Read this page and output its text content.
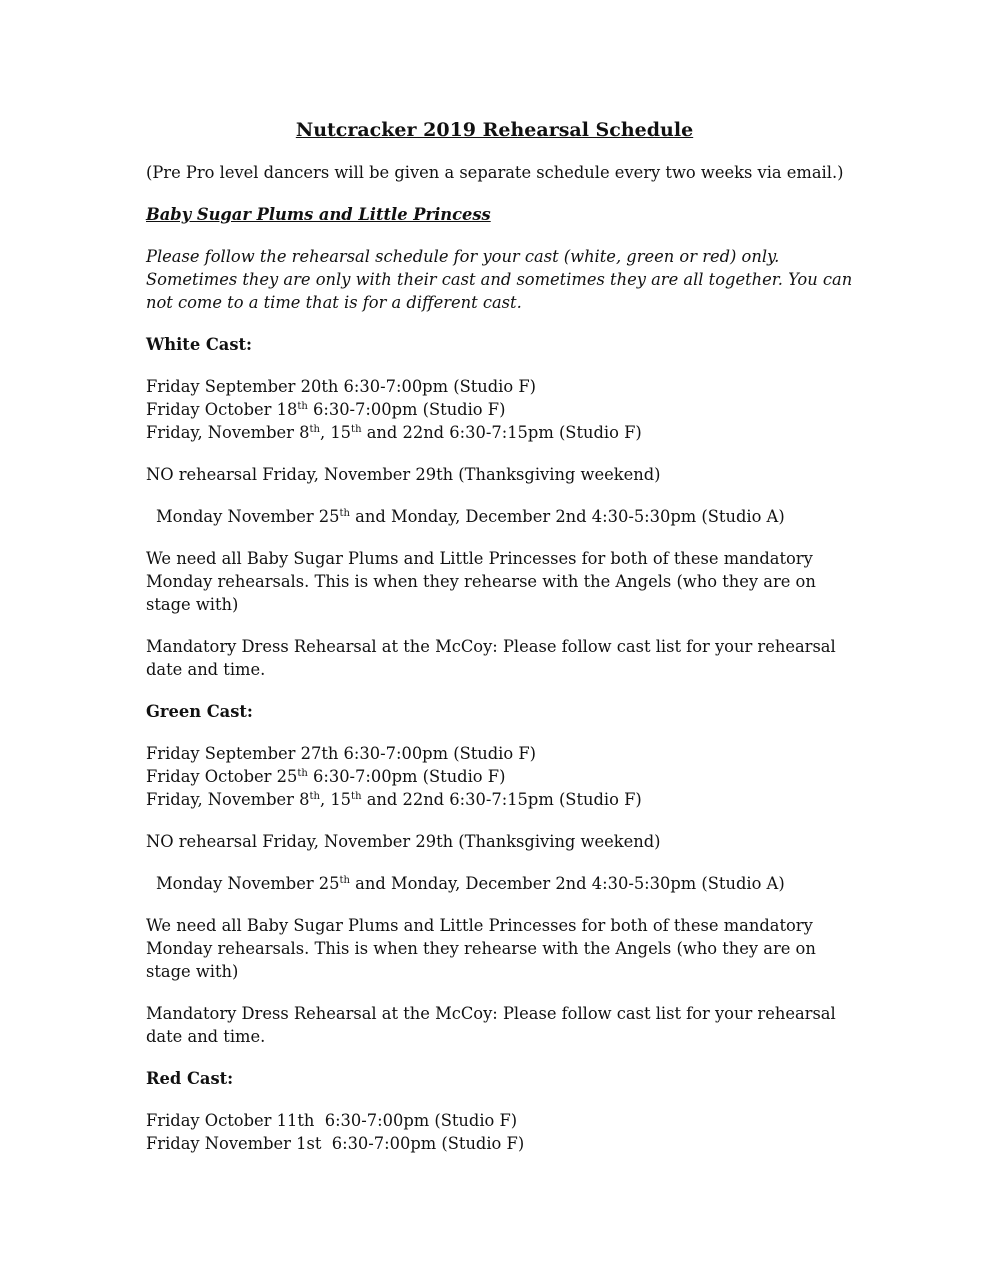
Nutcracker 2019 Rehearsal Schedule

(Pre Pro level dancers will be given a separate schedule every two weeks via email.)

Baby Sugar Plums and Little Princess

Please follow the rehearsal schedule for your cast (white, green or red) only.

Sometimes they are only with their cast and sometimes they are all together. You can

not come to a time that is for a different cast.

White Cast:

Friday September 20th 6:30-7:00pm (Studio F)

Friday October 18th 6:30-7:00pm (Studio F)

Friday, November 8th, 15th and 22nd 6:30-7:15pm (Studio F)

NO rehearsal Friday, November 29th (Thanksgiving weekend)

Monday November 25th and Monday, December 2nd 4:30-5:30pm (Studio A)

We need all Baby Sugar Plums and Little Princesses for both of these mandatory

Monday rehearsals. This is when they rehearse with the Angels (who they are on

stage with)

Mandatory Dress Rehearsal at the McCoy: Please follow cast list for your rehearsal

date and time.

Green Cast:

Friday September 27th 6:30-7:00pm (Studio F)

Friday October 25th 6:30-7:00pm (Studio F)

Friday, November 8th, 15th and 22nd 6:30-7:15pm (Studio F)

NO rehearsal Friday, November 29th (Thanksgiving weekend)

Monday November 25th and Monday, December 2nd 4:30-5:30pm (Studio A)

We need all Baby Sugar Plums and Little Princesses for both of these mandatory

Monday rehearsals. This is when they rehearse with the Angels (who they are on

stage with)

Mandatory Dress Rehearsal at the McCoy: Please follow cast list for your rehearsal

date and time.

Red Cast:

Friday October 11th  6:30-7:00pm (Studio F)

Friday November 1st  6:30-7:00pm (Studio F)
